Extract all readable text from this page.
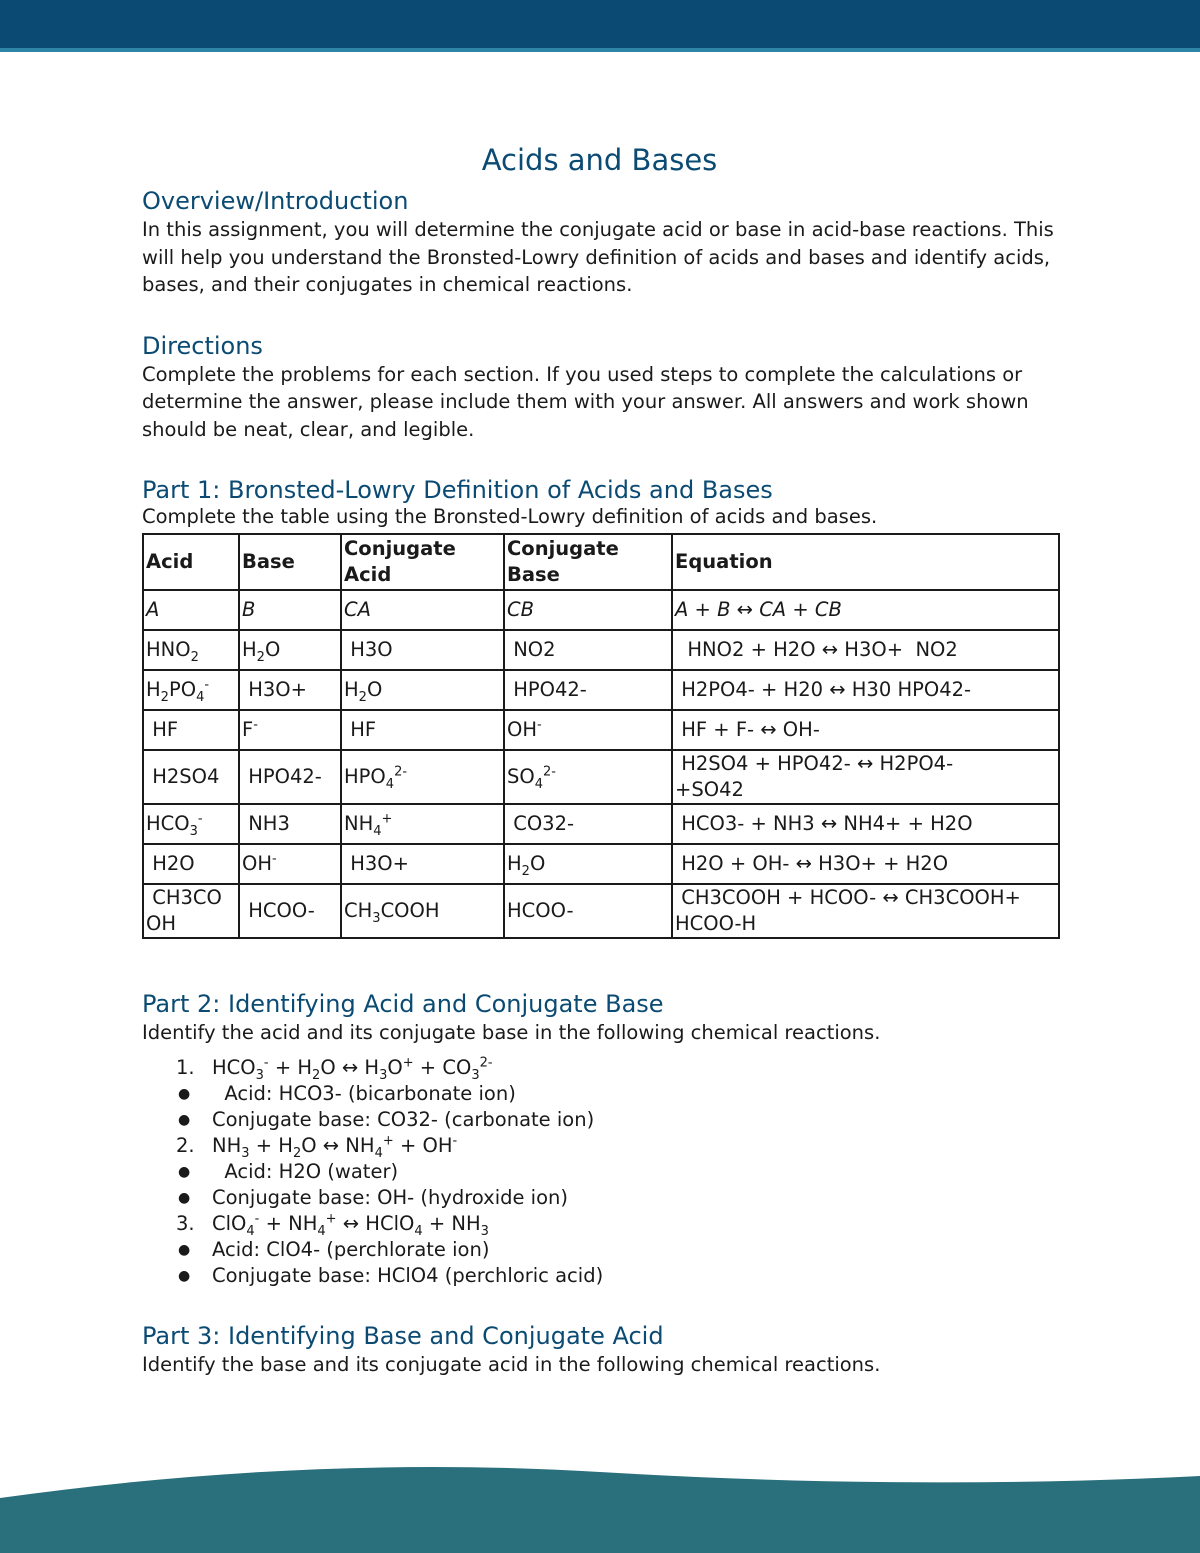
Acids and Bases
Overview/Introduction

In this assignment, you will determine the conjugate acid or base in acid-base reactions. This will help you understand the Bronsted-Lowry definition of acids and bases and identify acids, bases, and their conjugates in chemical reactions.

Directions

Complete the problems for each section. If you used steps to complete the calculations or determine the answer, please include them with your answer. All answers and work shown should be neat, clear, and legible.

Part 1: Bronsted-Lowry Definition of Acids and Bases

Complete the table using the Bronsted-Lowry definition of acids and bases.

Acid	Base	Conjugate Acid	Conjugate Base	Equation
A	B	CA	CB	A + B ↔ CA + CB
$HNO_2$	$H_2O$	H3O	NO2	HNO2 + H2O ↔ H3O+  NO2
$H_2PO_4^-$	H3O+	$H_2O$	HPO42-	H2PO4- + H20 ↔ H30 HPO42-
HF	F-	HF	OH-	HF + F- ↔ OH-
H2SO4	HPO42-	$HPO_4^{2-}$	$SO_4^{2-}$	H2SO4 + HPO42- ↔ H2PO4-
+SO42
$HCO_3^-$	NH3	$NH_4^+$	CO32-	HCO3- + NH3 ↔ NH4+ + H2O
H2O	OH-	H3O+	$H_2O$	H2O + OH- ↔ H3O+ + H2O
CH3CO
OH	HCOO-	$CH_3COOH$	HCOO-	CH3COOH + HCOO- ↔ CH3COOH+
HCOO-H
Part 2: Identifying Acid and Conjugate Base

Identify the acid and its conjugate base in the following chemical reactions.

1. $HCO_3^- + H_2O$ ↔ $H_3O^+ + CO_3^{2-}$
● Acid: HCO3- (bicarbonate ion)
● Conjugate base: CO32- (carbonate ion)
2. $NH_3 + H_2O$ ↔ $NH_4^+ + OH^-$
● Acid: H2O (water)
● Conjugate base: OH- (hydroxide ion)
3. $ClO_4^- + NH_4^+$ ↔ HClO$_4$ + $NH_3$
● Acid: ClO4- (perchlorate ion)
● Conjugate base: HClO4 (perchloric acid)
Part 3: Identifying Base and Conjugate Acid

Identify the base and its conjugate acid in the following chemical reactions.
